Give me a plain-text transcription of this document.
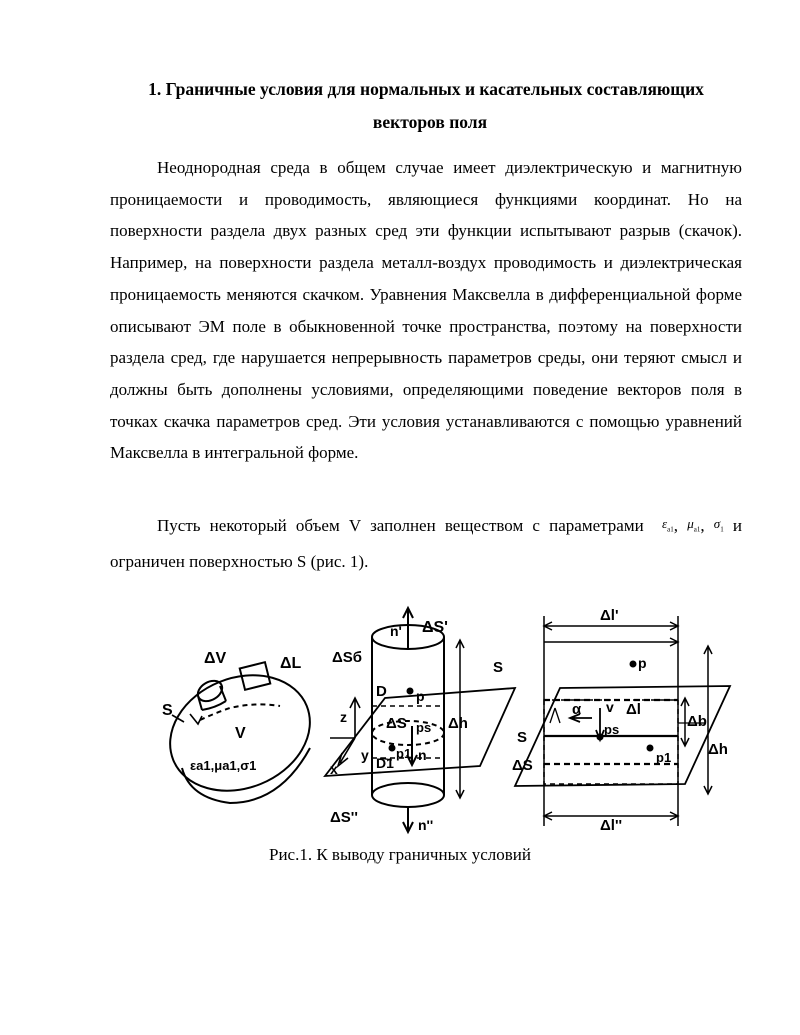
1. Граничные условия для нормальных и касательных составляющих
векторов поля

Неоднородная среда в общем случае имеет диэлектрическую и магнитную проницаемости и проводимость, являющиеся функциями координат. Но на поверхности раздела двух разных сред эти функции испытывают разрыв (скачок). Например, на поверхности раздела металл-воздух проводимость и диэлектрическая проницаемость меняются скачком. Уравнения Максвелла в дифференциальной форме описывают ЭМ поле в обыкновенной точке пространства, поэтому на поверхности раздела сред, где нарушается непрерывность параметров среды, они теряют смысл и должны быть дополнены условиями, определяющими поведение векторов поля в точках скачка параметров сред. Эти условия устанавливаются с помощью уравнений Максвелла в интегральной форме.

Пусть некоторый объем V заполнен веществом с параметрами $\varepsilon_{a1}$, $\mu_{a1}$, $\sigma_1$ и ограничен поверхностью S (рис. 1).

ΔV	ΔL
S
V
εa1,μa1,σ1
ΔS'
n'
ΔSб
S
D p
ΔS ps Δh
z
y
x	D1
p1 n
ΔS''	n''
Δl'
p
α v Δl
S	ps	Δb
ΔS	p1 Δh
Δl''
Рис.1. К выводу граничных условий
